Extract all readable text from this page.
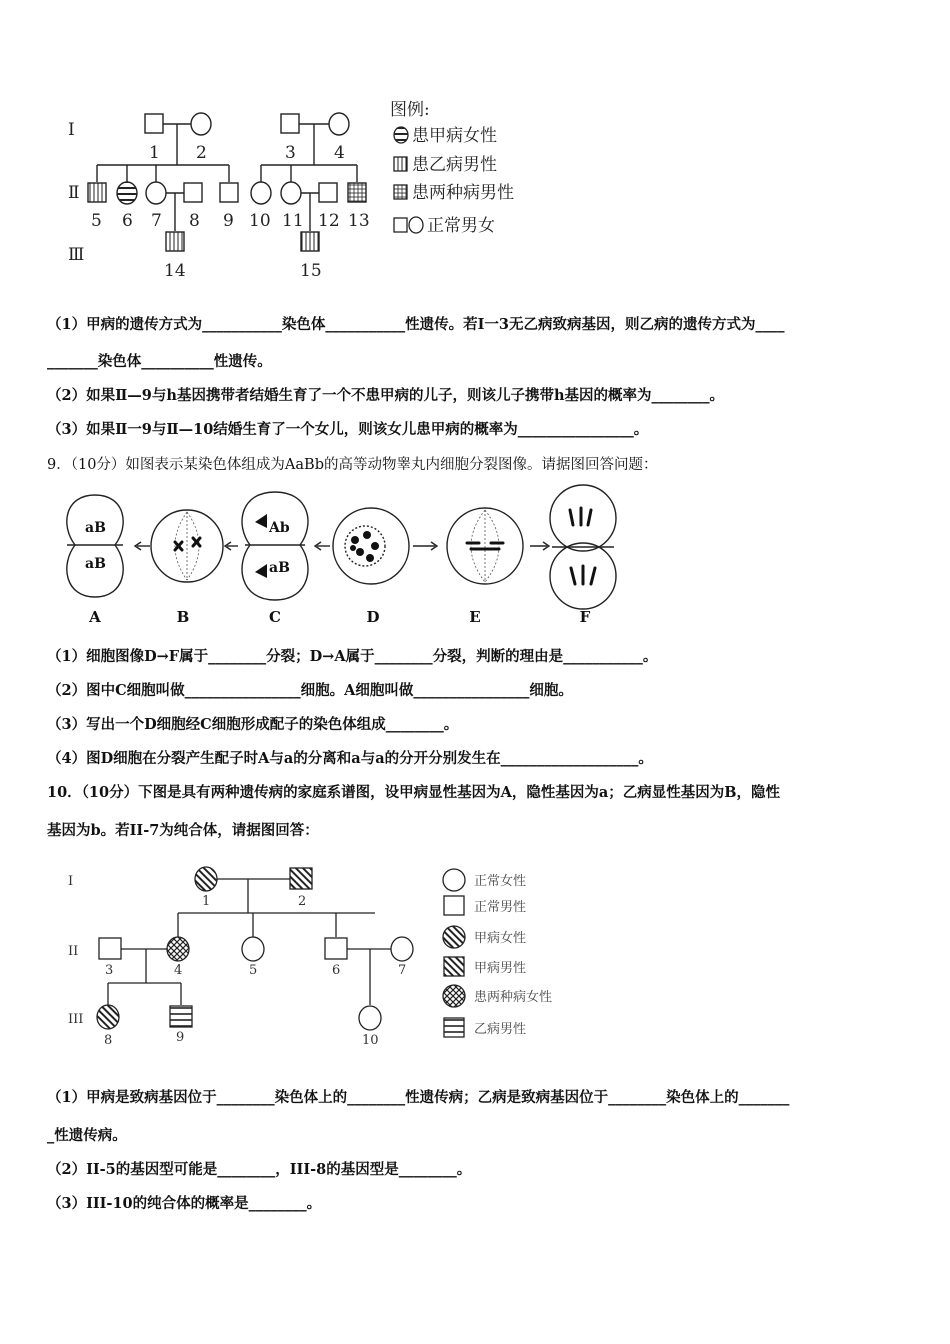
Ⅰ
Ⅱ
Ⅲ
1 2	3 4
5 6 7 8 9 10 11 12 13
14	15
图例:
患甲病女性
患乙病男性
患两种病男性
正常男女
（1）甲病的遗传方式为___________染色体___________性遗传。若Ⅰ一3无乙病致病基因，则乙病的遗传方式为____
_______染色体__________性遗传。
（2）如果Ⅱ—9与h基因携带者结婚生育了一个不患甲病的儿子，则该儿子携带h基因的概率为________。
（3）如果Ⅱ一9与Ⅱ—10结婚生育了一个女儿，则该女儿患甲病的概率为________________。
9．（10分）如图表示某染色体组成为AaBb的高等动物睾丸内细胞分裂图像。请据图回答问题：
aB
aB
Ab
aB
A	B	C	D	E	F
（1）细胞图像D→F属于________分裂；D→A属于________分裂，判断的理由是___________。
（2）图中C细胞叫做________________细胞。A细胞叫做________________细胞。
（3）写出一个D细胞经C细胞形成配子的染色体组成________。
（4）图D细胞在分裂产生配子时A与a的分离和a与a的分开分别发生在___________________。
10．（10分）下图是具有两种遗传病的家庭系谱图，设甲病显性基因为A，隐性基因为a；乙病显性基因为B，隐性
基因为b。若II-7为纯合体，请据图回答：
I
II
III
1	2
3	4	5	6	7
8	9	10
正常女性
正常男性
甲病女性
甲病男性
患两种病女性
乙病男性
（1）甲病是致病基因位于________染色体上的________性遗传病；乙病是致病基因位于________染色体上的_______
_性遗传病。
（2）II-5的基因型可能是________，III-8的基因型是________。
（3）III-10的纯合体的概率是________。
